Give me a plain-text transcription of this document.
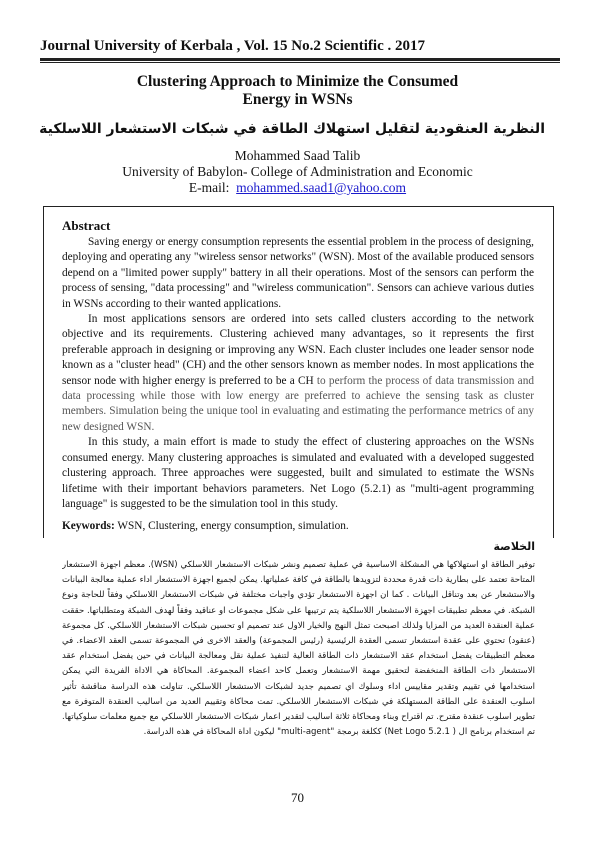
Journal University of Kerbala , Vol. 15 No.2 Scientific . 2017
Clustering Approach to Minimize the Consumed
Energy in WSNs
النظرية العنقودية لتقليل استهلاك الطاقة في شبكات الاستشعار اللاسلكية
Mohammed Saad Talib
University of Babylon- College of Administration and Economic
E-mail: mohammed.saad1@yahoo.com
Abstract

Saving energy or energy consumption represents the essential problem in the process of designing, deploying and operating any "wireless sensor networks" (WSN). Most of the available produced sensors depend on a "limited power supply" battery in all their operations. Most of the sensors can perform the process of sensing, "data processing" and "wireless communication". Sensors can achieve various duties in WSNs according to their wanted applications.

In most applications sensors are ordered into sets called clusters according to the network objective and its requirements. Clustering achieved many advantages, so it represents the first preferable approach in designing or improving any WSN. Each cluster includes one leader sensor node known as a "cluster head" (CH) and the other sensors known as member nodes. In most applications the sensor node with higher energy is preferred to be a CH to perform the process of data transmission and data processing while those with low energy are preferred to achieve the sensing task as cluster members. Simulation being the unique tool in evaluating and estimating the performance metrics of any new designed WSN.

In this study, a main effort is made to study the effect of clustering approaches on the WSNs consumed energy. Many clustering approaches is simulated and evaluated with a developed suggested clustering approach. Three approaches were suggested, built and simulated to estimate the WSNs lifetime with their important behaviors parameters. Net Logo (5.2.1) as "multi-agent programming language" is suggested to be the simulation tool in this study.

Keywords: WSN, Clustering, energy consumption, simulation.
الخلاصة
توفير الطاقة او استهلاكها هي المشكلة الاساسية في عملية تصميم ونشر شبكات الاستشعار اللاسلكي (WSN). معظم اجهزة الاستشعار المتاحة تعتمد على بطارية ذات قدرة محددة لتزويدها بالطاقة في كافة عملياتها. يمكن لجميع اجهزة الاستشعار اداء عملية معالجة البيانات والاستشعار عن بعد وتناقل البيانات . كما ان اجهزة الاستشعار تؤدي واجبات مختلفة في شبكات الاستشعار اللاسلكي وفقاً للحاجة ونوع الشبكة. في معظم تطبيقات اجهزة الاستشعار اللاسلكية يتم ترتيبها على شكل مجموعات او عناقيد وفقاً لهدف الشبكة ومتطلباتها. حققت عملية العنقدة العديد من المزايا ولذلك اصبحت تمثل النهج والخيار الاول عند تصميم او تحسين شبكات الاستشعار اللاسلكي. كل مجموعة (عنقود) تحتوي على عقدة استشعار تسمى العقدة الرئيسية (رئيس المجموعة) والعقد الاخرى في المجموعة تسمى العقد الاعضاء. في معظم التطبيقات يفضل استخدام عقد الاستشعار ذات الطاقة العالية لتنفيذ عملية نقل ومعالجة البيانات في حين يفضل استخدام عقد الاستشعار ذات الطاقة المنخفضة لتحقيق مهمة الاستشعار وتعمل كاحد اعضاء المجموعة. المحاكاة هي الاداة الفريدة التي يمكن استخدامها في تقييم وتقدير مقاييس اداء وسلوك اي تصميم جديد لشبكات الاستشعار اللاسلكي. تناولت هذه الدراسة مناقشة تأثير اسلوب العنقدة على الطاقة المستهلكة في شبكات الاستشعار اللاسلكي. تمت محاكاة وتقييم العديد من اساليب العنقدة المتوفرة مع تطوير اسلوب عنقدة مقترح. تم اقتراح وبناء ومحاكاة ثلاثة اساليب لتقدير اعمار شبكات الاستشعار اللاسلكي مع جميع معلمات سلوكياتها. تم استخدام برنامج ال ( Net Logo 5.2.1) ككلغة برمجة "multi-agent" ليكون اداة المحاكاة في هذه الدراسة.
70
